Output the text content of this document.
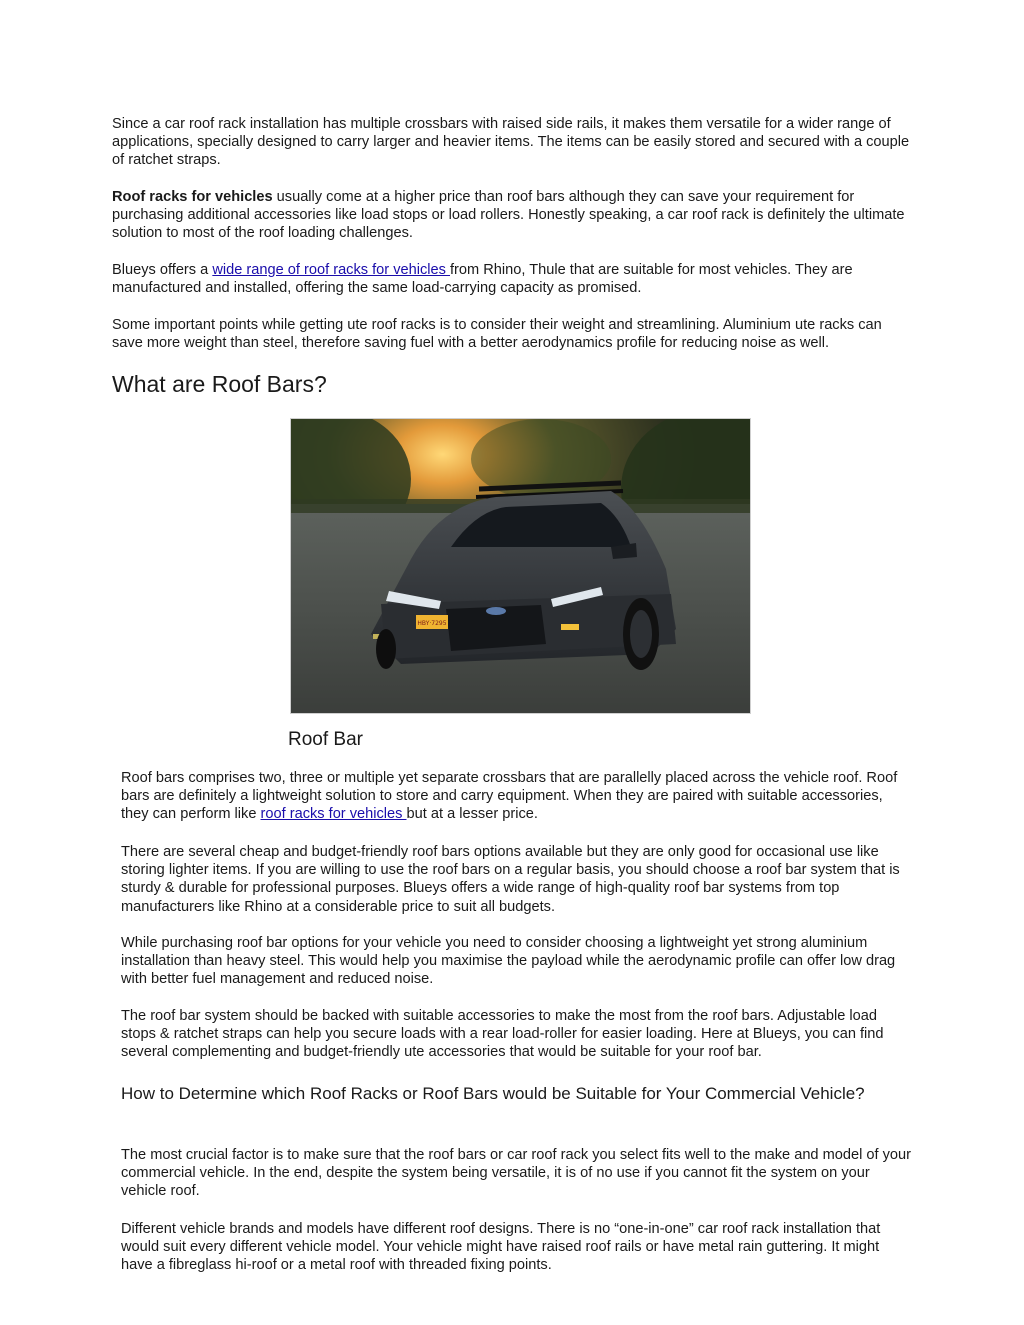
Since a car roof rack installation has multiple crossbars with raised side rails, it makes them versatile for a wider range of applications, specially designed to carry larger and heavier items. The items can be easily stored and secured with a couple of ratchet straps.

Roof racks for vehicles usually come at a higher price than roof bars although they can save your requirement for purchasing additional accessories like load stops or load rollers. Honestly speaking, a car roof rack is definitely the ultimate solution to most of the roof loading challenges.

Blueys offers a wide range of roof racks for vehicles from Rhino, Thule that are suitable for most vehicles. They are manufactured and installed, offering the same load-carrying capacity as promised.

Some important points while getting ute roof racks is to consider their weight and streamlining. Aluminium ute racks can save more weight than steel, therefore saving fuel with a better aerodynamics profile for reducing noise as well.

What are Roof Bars?
HBY·7295

Roof Bar

Roof bars comprises two, three or multiple yet separate crossbars that are parallelly placed across the vehicle roof. Roof bars are definitely a lightweight solution to store and carry equipment. When they are paired with suitable accessories, they can perform like roof racks for vehicles but at a lesser price.

There are several cheap and budget-friendly roof bars options available but they are only good for occasional use like storing lighter items. If you are willing to use the roof bars on a regular basis, you should choose a roof bar system that is sturdy & durable for professional purposes. Blueys offers a wide range of high-quality roof bar systems from top manufacturers like Rhino at a considerable price to suit all budgets.

While purchasing roof bar options for your vehicle you need to consider choosing a lightweight yet strong aluminium installation than heavy steel. This would help you maximise the payload while the aerodynamic profile can offer low drag with better fuel management and reduced noise.

The roof bar system should be backed with suitable accessories to make the most from the roof bars. Adjustable load stops & ratchet straps can help you secure loads with a rear load-roller for easier loading. Here at Blueys, you can find several complementing and budget-friendly ute accessories that would be suitable for your roof bar.

How to Determine which Roof Racks or Roof Bars would be Suitable for Your Commercial Vehicle?

The most crucial factor is to make sure that the roof bars or car roof rack you select fits well to the make and model of your commercial vehicle. In the end, despite the system being versatile, it is of no use if you cannot fit the system on your vehicle roof.

Different vehicle brands and models have different roof designs. There is no “one-in-one” car roof rack installation that would suit every different vehicle model. Your vehicle might have raised roof rails or have metal rain guttering. It might have a fibreglass hi-roof or a metal roof with threaded fixing points.
